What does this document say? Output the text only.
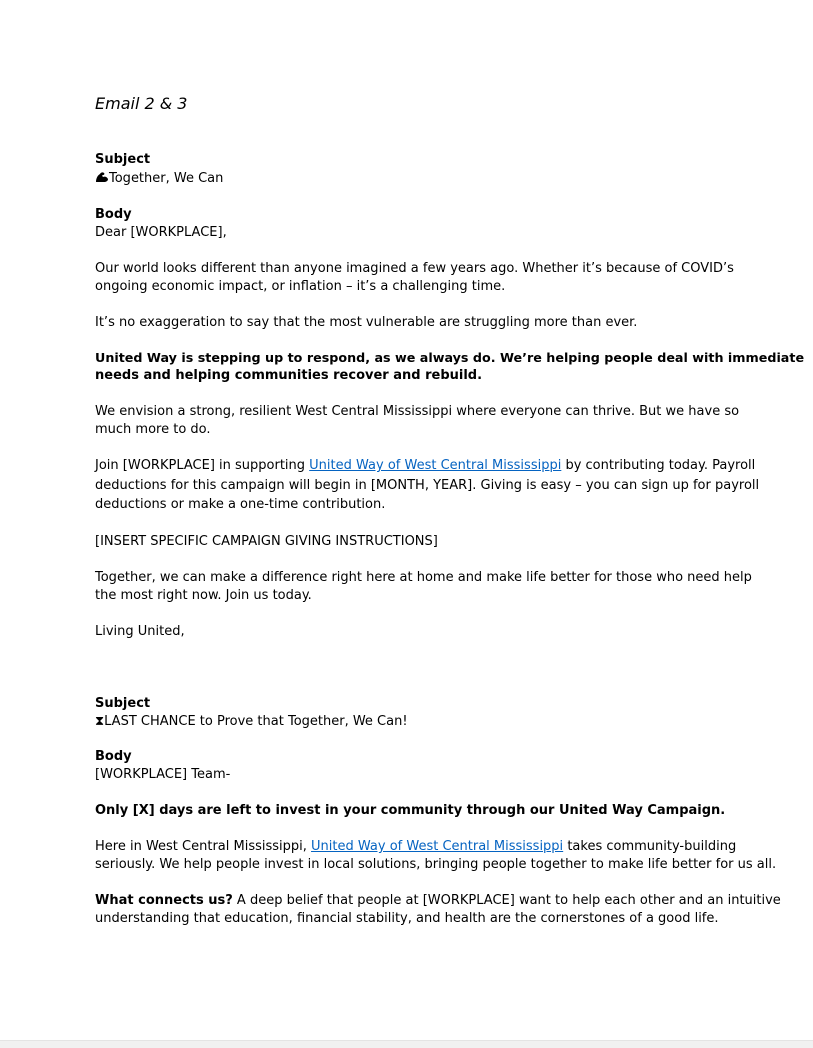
Email 2 & 3
Subject
Together, We Can
Body
Dear [WORKPLACE],
Our world looks different than anyone imagined a few years ago. Whether it’s because of COVID’s
ongoing economic impact, or inflation – it’s a challenging time.
It’s no exaggeration to say that the most vulnerable are struggling more than ever.
United Way is stepping up to respond, as we always do. We’re helping people deal with immediate
needs and helping communities recover and rebuild.
We envision a strong, resilient West Central Mississippi where everyone can thrive. But we have so
much more to do.
Join [WORKPLACE] in supporting United Way of West Central Mississippi by contributing today. Payroll
deductions for this campaign will begin in [MONTH, YEAR]. Giving is easy – you can sign up for payroll
deductions or make a one-time contribution.
[INSERT SPECIFIC CAMPAIGN GIVING INSTRUCTIONS]
Together, we can make a difference right here at home and make life better for those who need help
the most right now. Join us today.
Living United,
Subject
⧗LAST CHANCE to Prove that Together, We Can!
Body
[WORKPLACE] Team-
Only [X] days are left to invest in your community through our United Way Campaign.
Here in West Central Mississippi, United Way of West Central Mississippi takes community-building
seriously. We help people invest in local solutions, bringing people together to make life better for us all.
What connects us? A deep belief that people at [WORKPLACE] want to help each other and an intuitive
understanding that education, financial stability, and health are the cornerstones of a good life.
